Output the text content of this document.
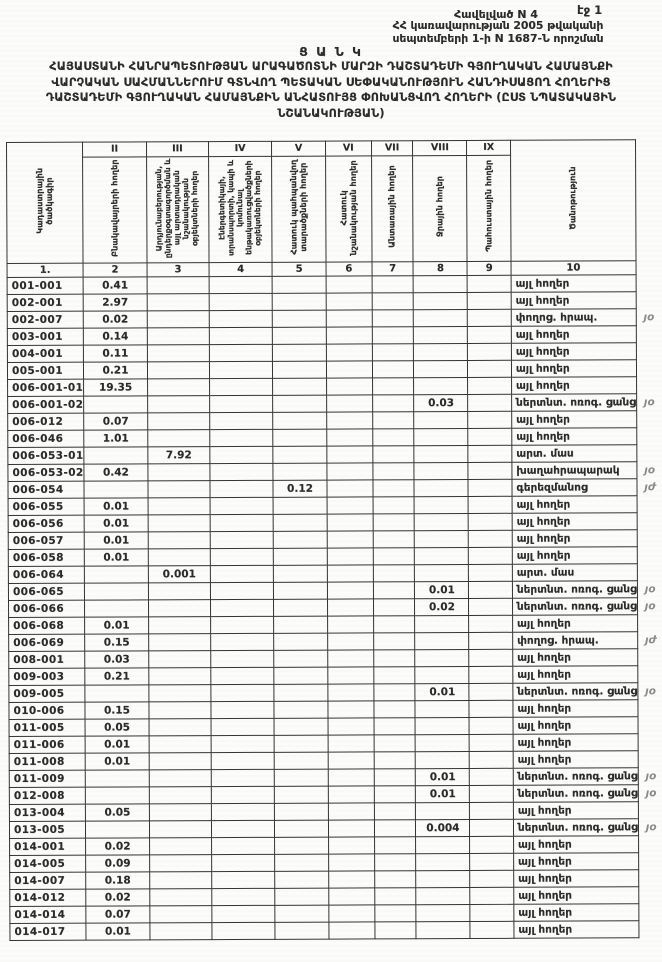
էջ 1
Հավելված N 4
ՀՀ կառավարության 2005 թվականի
սեպտեմբերի 1-ի N 1687-Ն որոշման
Ց Ա Ն Կ
ՀԱՅԱՍՏԱՆԻ ՀԱՆՐԱՊԵՏՈՒԹՅԱՆ ԱՐԱԳԱԾՈՏՆԻ ՄԱՐԶԻ ԴԱՇՏԱԴԵՄԻ ԳՅՈՒՂԱԿԱՆ ՀԱՄԱՅՆՔԻ
ՎԱՐՉԱԿԱՆ ՍԱՀՄԱՆՆԵՐՈՒՄ ԳՏՆՎՈՂ ՊԵՏԱԿԱՆ ՍԵՓԱԿԱՆՈՒԹՅՈՒՆ ՀԱՆԴԻՍԱՑՈՂ ՀՈՂԵՐԻՑ
ԴԱՇՏԱԴԵՄԻ ԳՅՈՒՂԱԿԱՆ ՀԱՄԱՅՆՔԻՆ ԱՆՀԱՏՈՒՅՑ ՓՈԽԱՆՑՎՈՂ ՀՈՂԵՐԻ (ԸՍՏ ՆՊԱՏԱԿԱՅԻՆ
ՆՇԱՆԱԿՈՒԹՅԱՆ)
Կադաստրային ծածկագիր	II	III	IV	V	VI	VII	VIII	IX	Ծանոթություն	
	Բնակավայրերի հողեր	Արդյունաբերության, ընդերքօգտագործման և այլ արտադրական նշանակության օբյեկտների հողեր	Էներգետիկայի, տրանսպորտի, կապի և կոմունալ ենթակառուցվածքների օբյեկտների հողեր	Հատուկ պահպանվող տարածքների հողեր	Հատուկ նշանակության հողեր	Անտառային հողեր	Ջրային հողեր	Պահուստային հողեր		
1.	2	3	4	5	6	7	8	9	10	
001-001	0.41								այլ հողեր	
002-001	2.97								այլ հողեր	
002-007	0.02								փողոց. հրապ.	յօ
003-001	0.14								այլ հողեր	
004-001	0.11								այլ հողեր	
005-001	0.21								այլ հողեր	
006-001-01	19.35								այլ հողեր	
006-001-02							0.03		ներտնտ. ոռոգ. ցանց	յօ
006-012	0.07								այլ հողեր	
006-046	1.01								այլ հողեր	
006-053-01		7.92							արտ. մաս	
006-053-02	0.42								խաղահրապարակ	յօ
006-054				0.12					գերեզմանոց	յժ
006-055	0.01								այլ հողեր	
006-056	0.01								այլ հողեր	
006-057	0.01								այլ հողեր	
006-058	0.01								այլ հողեր	
006-064		0.001							արտ. մաս	
006-065							0.01		ներտնտ. ոռոգ. ցանց	յօ
006-066							0.02		ներտնտ. ոռոգ. ցանց	յօ
006-068	0.01								այլ հողեր	
006-069	0.15								փողոց. հրապ.	յժ
008-001	0.03								այլ հողեր	
009-003	0.21								այլ հողեր	
009-005							0.01		ներտնտ. ոռոգ. ցանց	յօ
010-006	0.15								այլ հողեր	
011-005	0.05								այլ հողեր	
011-006	0.01								այլ հողեր	
011-008	0.01								այլ հողեր	
011-009							0.01		ներտնտ. ոռոգ. ցանց	յօ
012-008							0.01		ներտնտ. ոռոգ. ցանց	յօ
013-004	0.05								այլ հողեր	
013-005							0.004		ներտնտ. ոռոգ. ցանց	յօ
014-001	0.02								այլ հողեր	
014-005	0.09								այլ հողեր	
014-007	0.18								այլ հողեր	
014-012	0.02								այլ հողեր	
014-014	0.07								այլ հողեր	
014-017	0.01								այլ հողեր	
